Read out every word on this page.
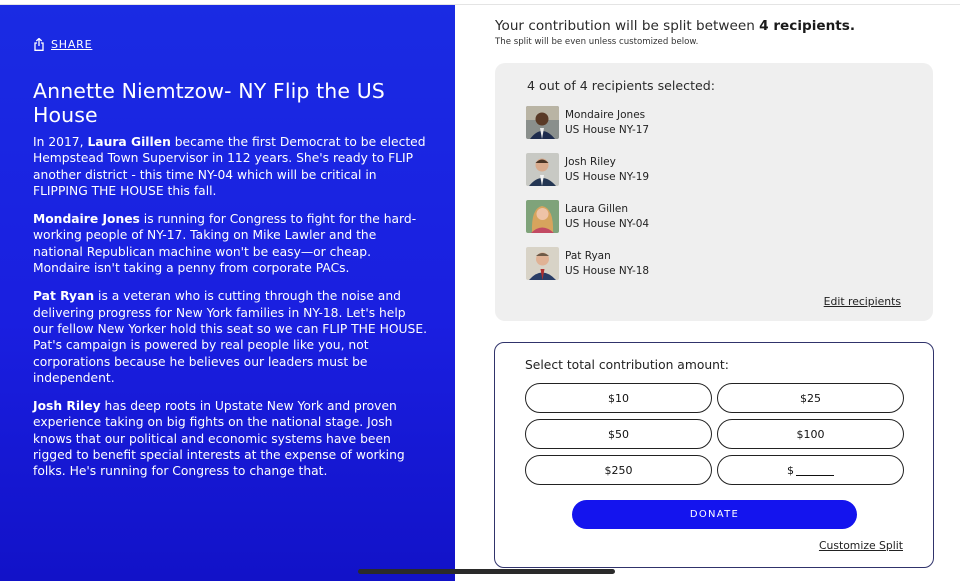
SHARE
Annette Niemtzow- NY Flip the US House

In 2017, Laura Gillen became the first Democrat to be elected Hempstead Town Supervisor in 112 years. She's ready to FLIP another district - this time NY-04 which will be critical in FLIPPING THE HOUSE this fall.

Mondaire Jones is running for Congress to fight for the hard-working people of NY-17. Taking on Mike Lawler and the national Republican machine won't be easy—or cheap. Mondaire isn't taking a penny from corporate PACs.

Pat Ryan is a veteran who is cutting through the noise and delivering progress for New York families in NY-18. Let's help our fellow New Yorker hold this seat so we can FLIP THE HOUSE. Pat's campaign is powered by real people like you, not corporations because he believes our leaders must be independent.

Josh Riley has deep roots in Upstate New York and proven experience taking on big fights on the national stage. Josh knows that our political and economic systems have been rigged to benefit special interests at the expense of working folks. He's running for Congress to change that.

Your contribution will be split between 4 recipients.
The split will be even unless customized below.
4 out of 4 recipients selected:
Mondaire Jones
US House NY-17
Josh Riley
US House NY-19
Laura Gillen
US House NY-04
Pat Ryan
US House NY-18
Edit recipients
Select total contribution amount:
$10	$25
$50	$100
$250	$
DONATE
Customize Split
